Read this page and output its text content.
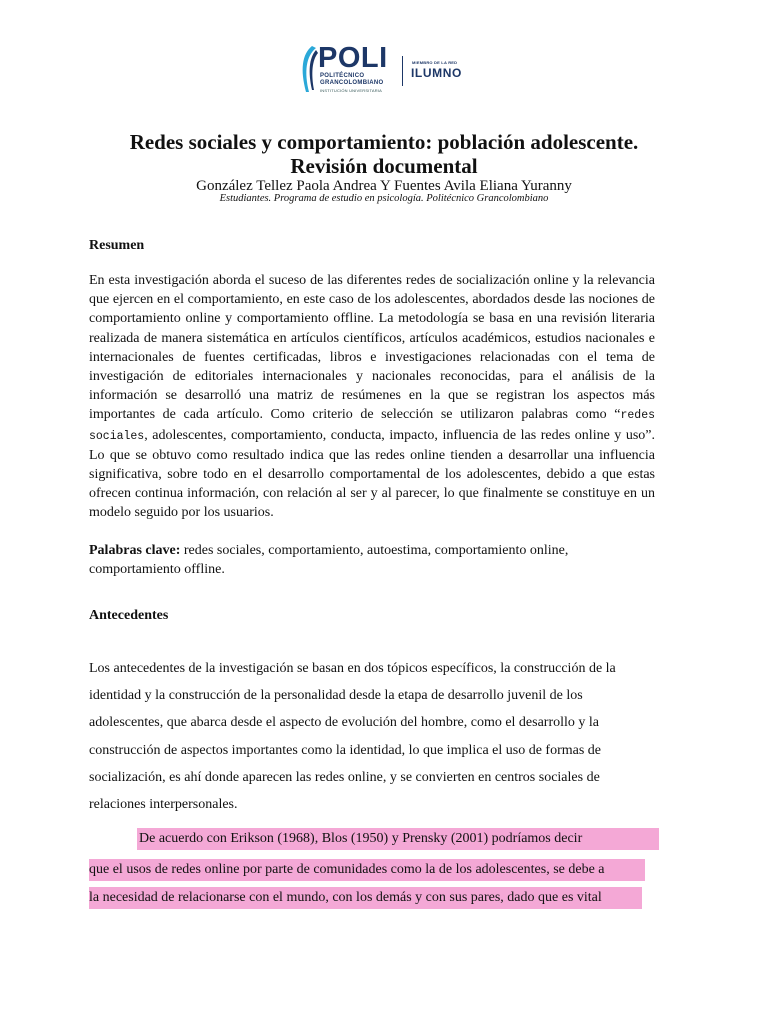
POLI
POLITÉCNICO
GRANCOLOMBIANO
INSTITUCIÓN UNIVERSITARIA
MIEMBRO DE LA RED
ILUMNO
Redes sociales y comportamiento: población adolescente.
Revisión documental
González Tellez Paola Andrea Y Fuentes Avila Eliana Yuranny
Estudiantes. Programa de estudio en psicología. Politécnico Grancolombiano
Resumen

En esta investigación aborda el suceso de las diferentes redes de socialización online y la relevancia que ejercen en el comportamiento, en este caso de los adolescentes, abordados desde las nociones de comportamiento online y comportamiento offline. La metodología se basa en una revisión literaria realizada de manera sistemática en artículos científicos, artículos académicos, estudios nacionales e internacionales de fuentes certificadas, libros e investigaciones relacionadas con el tema de investigación de editoriales internacionales y nacionales reconocidas, para el análisis de la información se desarrolló una matriz de resúmenes en la que se registran los aspectos más importantes de cada artículo. Como criterio de selección se utilizaron palabras como “redes sociales, adolescentes, comportamiento, conducta, impacto, influencia de las redes online y uso”. Lo que se obtuvo como resultado indica que las redes online tienden a desarrollar una influencia significativa, sobre todo en el desarrollo comportamental de los adolescentes, debido a que estas ofrecen continua información, con relación al ser y al parecer, lo que finalmente se constituye en un modelo seguido por los usuarios.

Palabras clave: redes sociales, comportamiento, autoestima, comportamiento online, comportamiento offline.

Antecedentes

Los antecedentes de la investigación se basan en dos tópicos específicos, la construcción de la identidad y la construcción de la personalidad desde la etapa de desarrollo juvenil de los adolescentes, que abarca desde el aspecto de evolución del hombre, como el desarrollo y la construcción de aspectos importantes como la identidad, lo que implica el uso de formas de socialización, es ahí donde aparecen las redes online, y se convierten en centros sociales de relaciones interpersonales.

De acuerdo con Erikson (1968), Blos (1950) y Prensky (2001) podríamos decir
que el usos de redes online por parte de comunidades como la de los adolescentes, se debe a
la necesidad de relacionarse con el mundo, con los demás y con sus pares, dado que es vital
